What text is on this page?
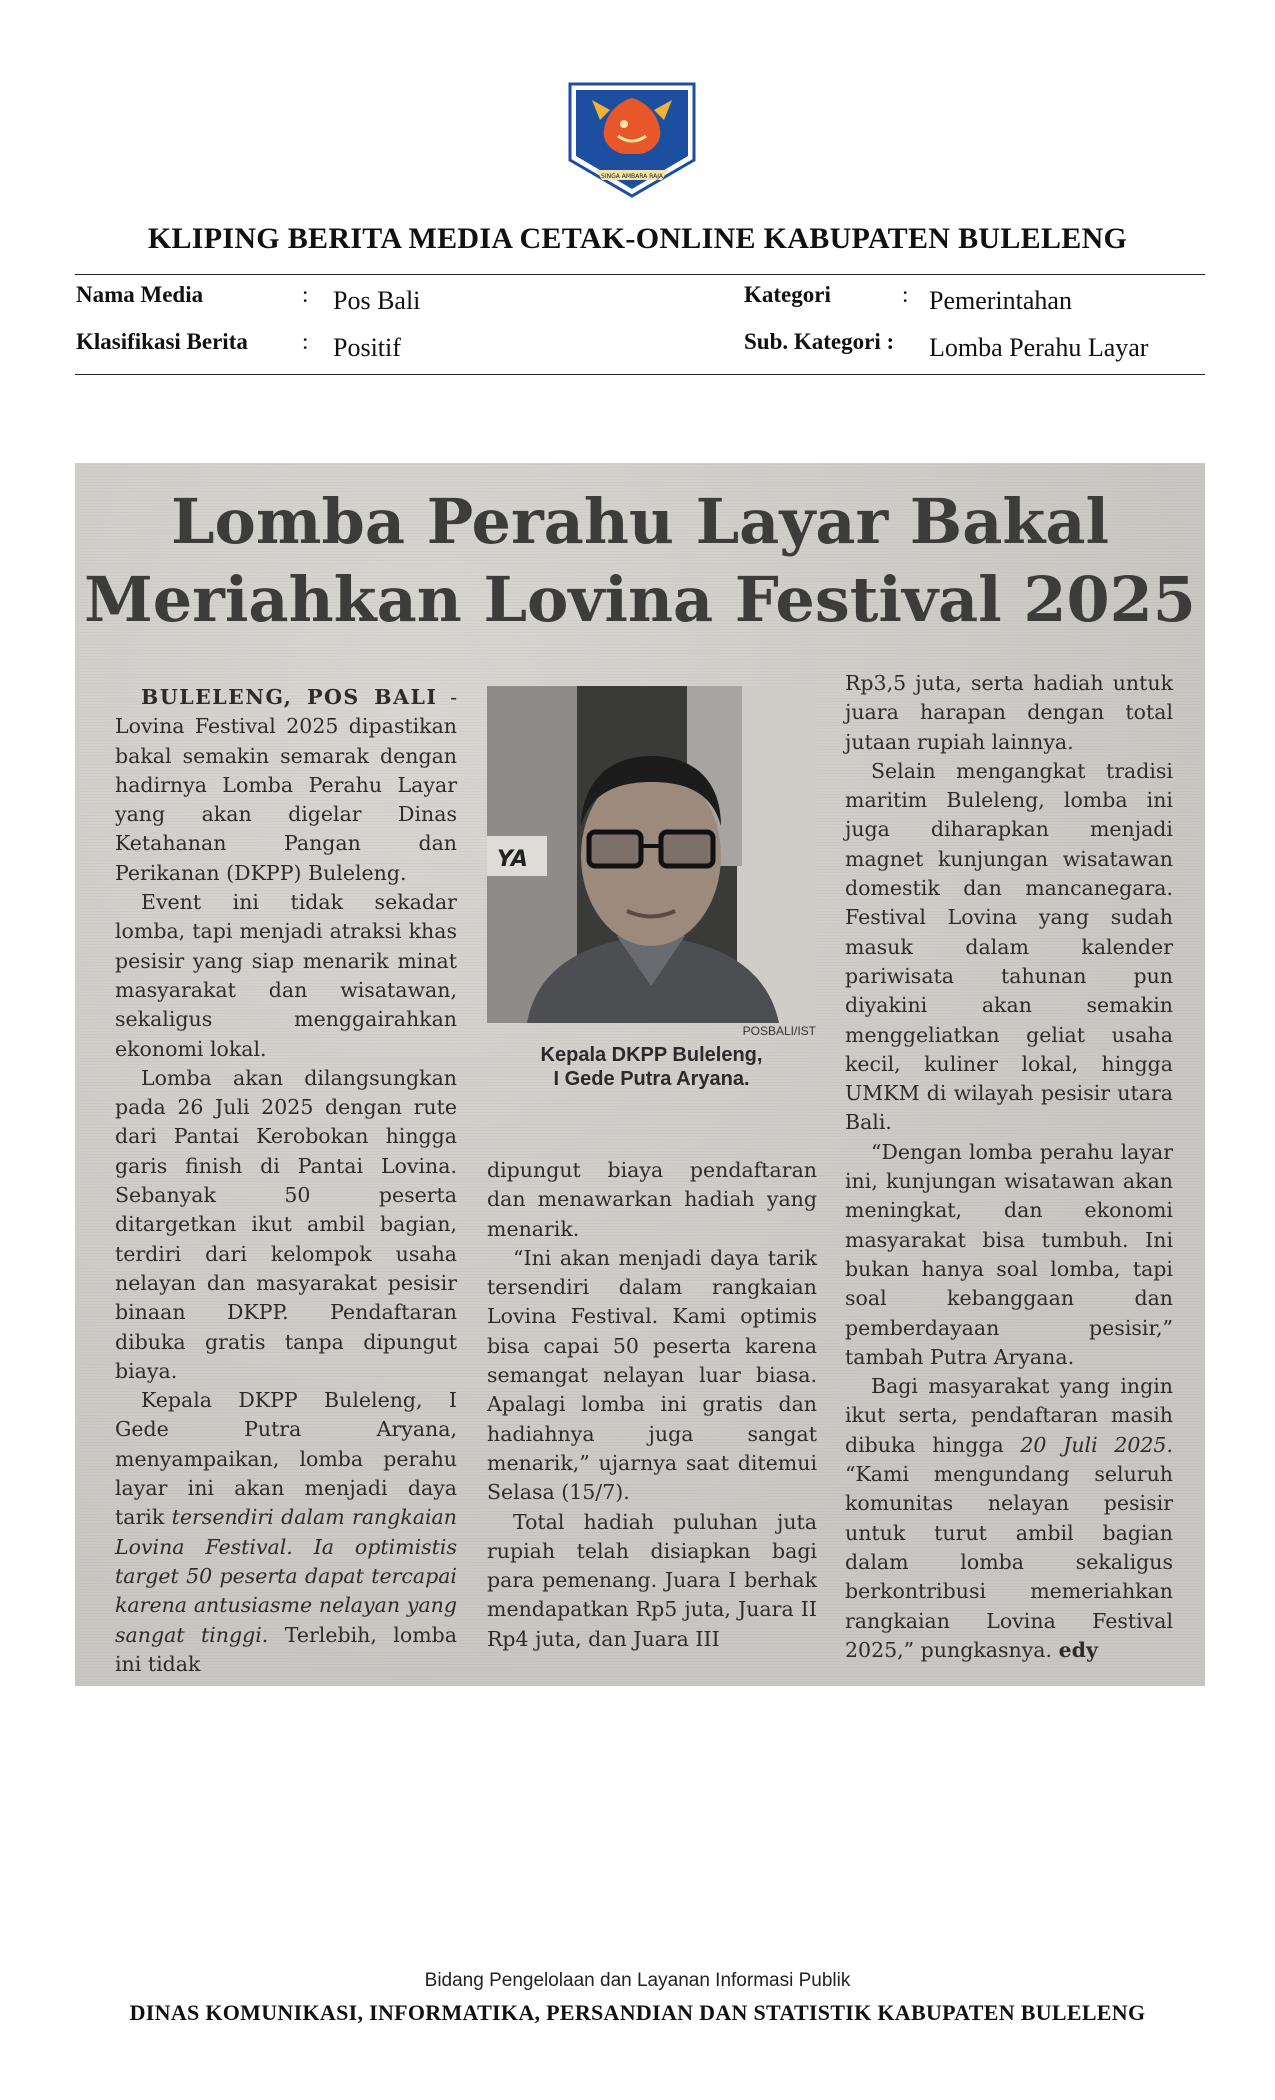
SINGA AMBARA RAJA
KLIPING BERITA MEDIA CETAK-ONLINE KABUPATEN BULELENG
Nama Media	: Pos Bali	Kategori	: Pemerintahan
Klasifikasi Berita : Positif	Sub. Kategori : Lomba Perahu Layar
Lomba Perahu Layar Bakal
Meriahkan Lovina Festival 2025

BULELENG, POS BALI - Lovina Festival 2025 dipastikan bakal semakin semarak dengan hadirnya Lomba Perahu Layar yang akan digelar Dinas Ketahanan Pangan dan Perikanan (DKPP) Buleleng.

Event ini tidak sekadar lomba, tapi menjadi atraksi khas pesisir yang siap menarik minat masyarakat dan wisatawan, sekaligus menggairahkan ekonomi lokal.

Lomba akan dilangsungkan pada 26 Juli 2025 dengan rute dari Pantai Kerobokan hingga garis finish di Pantai Lovina. Sebanyak 50 peserta ditargetkan ikut ambil bagian, terdiri dari kelompok usaha nelayan dan masyarakat pesisir binaan DKPP. Pendaftaran dibuka gratis tanpa dipungut biaya.

Kepala DKPP Buleleng, I Gede Putra Aryana, menyampaikan, lomba perahu layar ini akan menjadi daya tarik tersendiri dalam rangkaian Lovina Festival. Ia optimistis target 50 peserta dapat tercapai karena antusiasme nelayan yang sangat tinggi. Terlebih, lomba ini tidak

YA
POSBALI/IST
Kepala DKPP Buleleng,
I Gede Putra Aryana.

dipungut biaya pendaftaran dan menawarkan hadiah yang menarik.

“Ini akan menjadi daya tarik tersendiri dalam rangkaian Lovina Festival. Kami optimis bisa capai 50 peserta karena semangat nelayan luar biasa. Apalagi lomba ini gratis dan hadiahnya juga sangat menarik,” ujarnya saat ditemui Selasa (15/7).

Total hadiah puluhan juta rupiah telah disiapkan bagi para pemenang. Juara I berhak mendapatkan Rp5 juta, Juara II Rp4 juta, dan Juara III

Rp3,5 juta, serta hadiah untuk juara harapan dengan total jutaan rupiah lainnya.

Selain mengangkat tradisi maritim Buleleng, lomba ini juga diharapkan menjadi magnet kunjungan wisatawan domestik dan mancanegara. Festival Lovina yang sudah masuk dalam kalender pariwisata tahunan pun diyakini akan semakin menggeliatkan geliat usaha kecil, kuliner lokal, hingga UMKM di wilayah pesisir utara Bali.

“Dengan lomba perahu layar ini, kunjungan wisatawan akan meningkat, dan ekonomi masyarakat bisa tumbuh. Ini bukan hanya soal lomba, tapi soal kebanggaan dan pemberdayaan pesisir,” tambah Putra Aryana.

Bagi masyarakat yang ingin ikut serta, pendaftaran masih dibuka hingga 20 Juli 2025. “Kami mengundang seluruh komunitas nelayan pesisir untuk turut ambil bagian dalam lomba sekaligus berkontribusi memeriahkan rangkaian Lovina Festival 2025,” pungkasnya. edy

Bidang Pengelolaan dan Layanan Informasi Publik
DINAS KOMUNIKASI, INFORMATIKA, PERSANDIAN DAN STATISTIK KABUPATEN BULELENG
